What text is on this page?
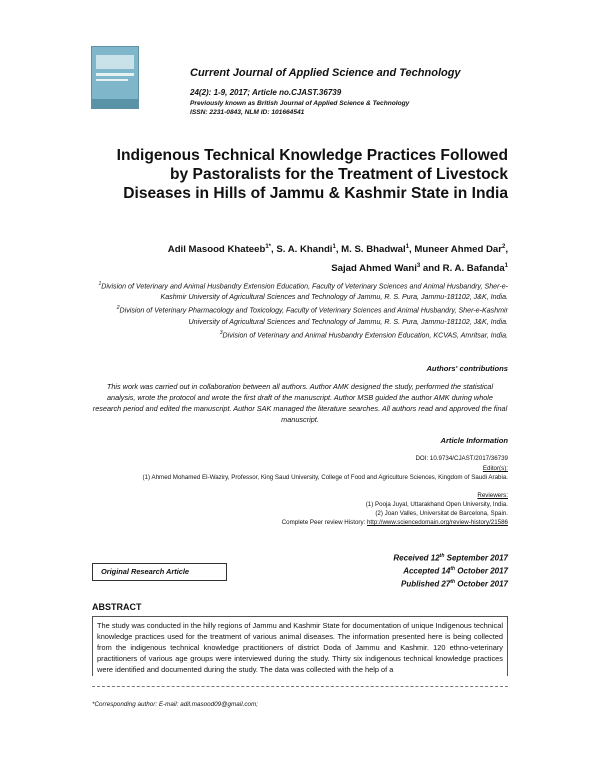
Current Journal of Applied Science and Technology
24(2): 1-9, 2017; Article no.CJAST.36739
Previously known as British Journal of Applied Science & Technology
ISSN: 2231-0843, NLM ID: 101664541
Indigenous Technical Knowledge Practices Followed by Pastoralists for the Treatment of Livestock Diseases in Hills of Jammu & Kashmir State in India
Adil Masood Khateeb$^{1*}$, S. A. Khandi$^1$, M. S. Bhadwal$^1$, Muneer Ahmed Dar$^2$,
Sajad Ahmed Wani$^3$ and R. A. Bafanda$^1$

$^1$Division of Veterinary and Animal Husbandry Extension Education, Faculty of Veterinary Sciences and Animal Husbandry, Sher-e-Kashmir University of Agricultural Sciences and Technology of Jammu, R. S. Pura, Jammu-181102, J&K, India.

$^2$Division of Veterinary Pharmacology and Toxicology, Faculty of Veterinary Sciences and Animal Husbandry, Sher-e-Kashmir University of Agricultural Sciences and Technology of Jammu, R. S. Pura, Jammu-181102, J&K, India.

$^3$Division of Veterinary and Animal Husbandry Extension Education, KCVAS, Amritsar, India.

Authors' contributions
This work was carried out in collaboration between all authors. Author AMK designed the study, performed the statistical analysis, wrote the protocol and wrote the first draft of the manuscript. Author MSB guided the author AMK during whole research period and edited the manuscript. Author SAK managed the literature searches. All authors read and approved the final manuscript.
Article Information
DOI: 10.9734/CJAST/2017/36739
Editor(s):
(1) Ahmed Mohamed El-Waziry, Professor, King Saud University, College of Food and Agriculture Sciences, Kingdom of Saudi Arabia.
Reviewers:
(1) Pooja Juyal, Uttarakhand Open University, India.
(2) Joan Valles, Universitat de Barcelona, Spain.
Complete Peer review History: http://www.sciencedomain.org/review-history/21586
Received 12th September 2017
Accepted 14th October 2017
Published 27th October 2017
Original Research Article
ABSTRACT
The study was conducted in the hilly regions of Jammu and Kashmir State for documentation of unique Indigenous technical knowledge practices used for the treatment of various animal diseases. The information presented here is being collected from the indigenous technical knowledge practitioners of district Doda of Jammu and Kashmir. 120 ethno-veterinary practitioners of various age groups were interviewed during the study. Thirty six indigenous technical knowledge practices were identified and documented during the study. The data was collected with the help of a
*Corresponding author: E-mail: adil.masood09@gmail.com;
